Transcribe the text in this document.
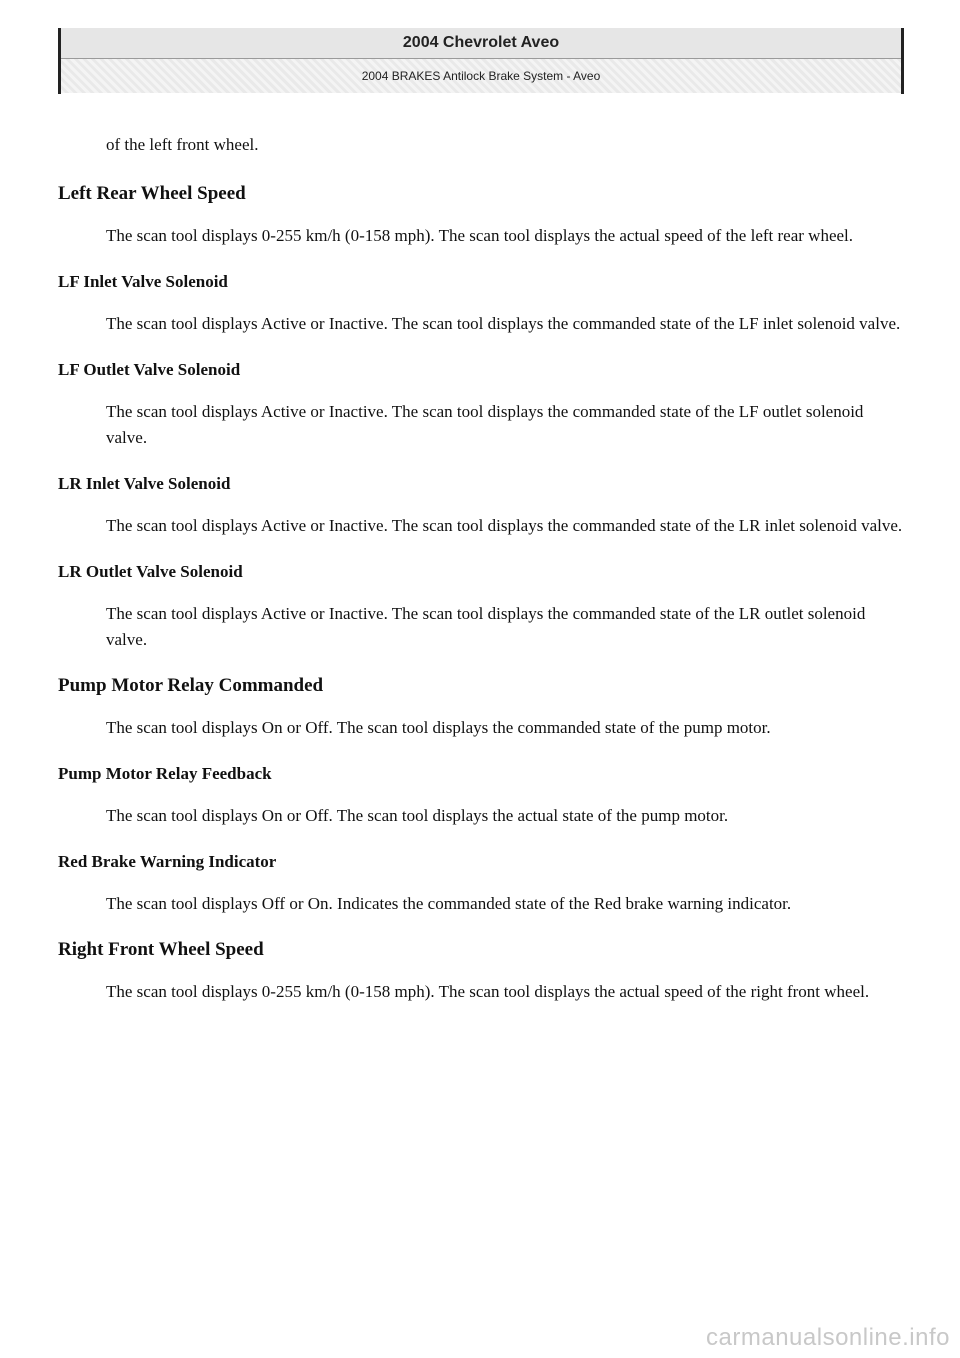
2004 Chevrolet Aveo
2004 BRAKES Antilock Brake System - Aveo

of the left front wheel.

Left Rear Wheel Speed

The scan tool displays 0-255 km/h (0-158 mph). The scan tool displays the actual speed of the left rear wheel.

LF Inlet Valve Solenoid

The scan tool displays Active or Inactive. The scan tool displays the commanded state of the LF inlet solenoid valve.

LF Outlet Valve Solenoid

The scan tool displays Active or Inactive. The scan tool displays the commanded state of the LF outlet solenoid valve.

LR Inlet Valve Solenoid

The scan tool displays Active or Inactive. The scan tool displays the commanded state of the LR inlet solenoid valve.

LR Outlet Valve Solenoid

The scan tool displays Active or Inactive. The scan tool displays the commanded state of the LR outlet solenoid valve.

Pump Motor Relay Commanded

The scan tool displays On or Off. The scan tool displays the commanded state of the pump motor.

Pump Motor Relay Feedback

The scan tool displays On or Off. The scan tool displays the actual state of the pump motor.

Red Brake Warning Indicator

The scan tool displays Off or On. Indicates the commanded state of the Red brake warning indicator.

Right Front Wheel Speed

The scan tool displays 0-255 km/h (0-158 mph). The scan tool displays the actual speed of the right front wheel.

carmanualsonline.info
